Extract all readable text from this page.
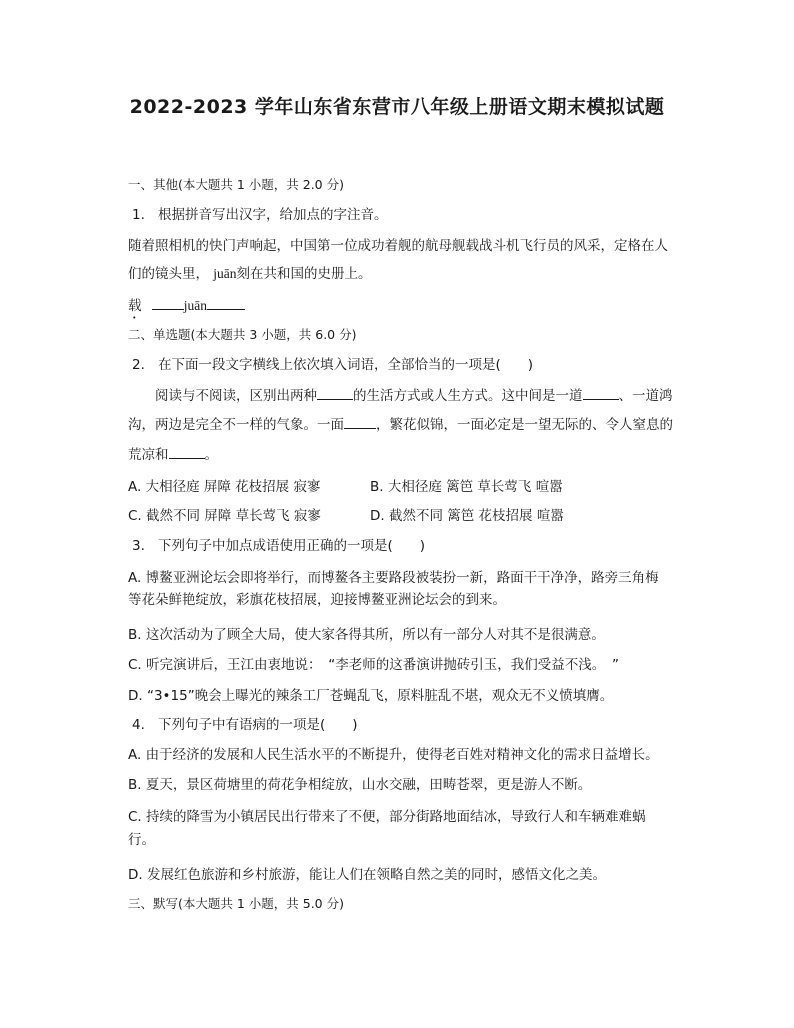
2022-2023 学年山东省东营市八年级上册语文期末模拟试题
一、其他(本大题共 1 小题，共 2.0 分)
1. 根据拼音写出汉字，给加点的字注音。
随着照相机的快门声响起，中国第一位成功着舰的航母舰载战斗机飞行员的风采，定格在人
们的镜头里， juān刻在共和国的史册上。
载	juān
二、单选题(本大题共 3 小题，共 6.0 分)
2. 在下面一段文字横线上依次填入词语，全部恰当的一项是(　　)
阅读与不阅读，区别出两种	的生活方式或人生方式。这中间是一道	、一道鸿
沟，两边是完全不一样的气象。一面 ，繁花似锦，一面必定是一望无际的、令人窒息的
荒凉和	。
A. 大相径庭 屏障 花枝招展 寂寥	B. 大相径庭 篱笆 草长莺飞 喧嚣
C. 截然不同 屏障 草长莺飞 寂寥	D. 截然不同 篱笆 花枝招展 喧嚣
3. 下列句子中加点成语使用正确的一项是(　　)
A. 博鳌亚洲论坛会即将举行，而博鳌各主要路段被装扮一新，路面干干净净，路旁三角梅
等花朵鲜艳绽放，彩旗花枝招展，迎接博鳌亚洲论坛会的到来。
B. 这次活动为了顾全大局，使大家各得其所，所以有一部分人对其不是很满意。
C. 听完演讲后，王江由衷地说：　“李老师的这番演讲抛砖引玉，我们受益不浅。　”
D. “3•15”晚会上曝光的辣条工厂苍蝇乱飞，原料脏乱不堪，观众无不义愤填膺。
4. 下列句子中有语病的一项是(　　)
A. 由于经济的发展和人民生活水平的不断提升，使得老百姓对精神文化的需求日益增长。
B. 夏天，景区荷塘里的荷花争相绽放，山水交融，田畴苍翠，更是游人不断。
C. 持续的降雪为小镇居民出行带来了不便，部分街路地面结冰，导致行人和车辆难难蜗
行。
D. 发展红色旅游和乡村旅游，能让人们在领略自然之美的同时，感悟文化之美。
三、默写(本大题共 1 小题，共 5.0 分)
